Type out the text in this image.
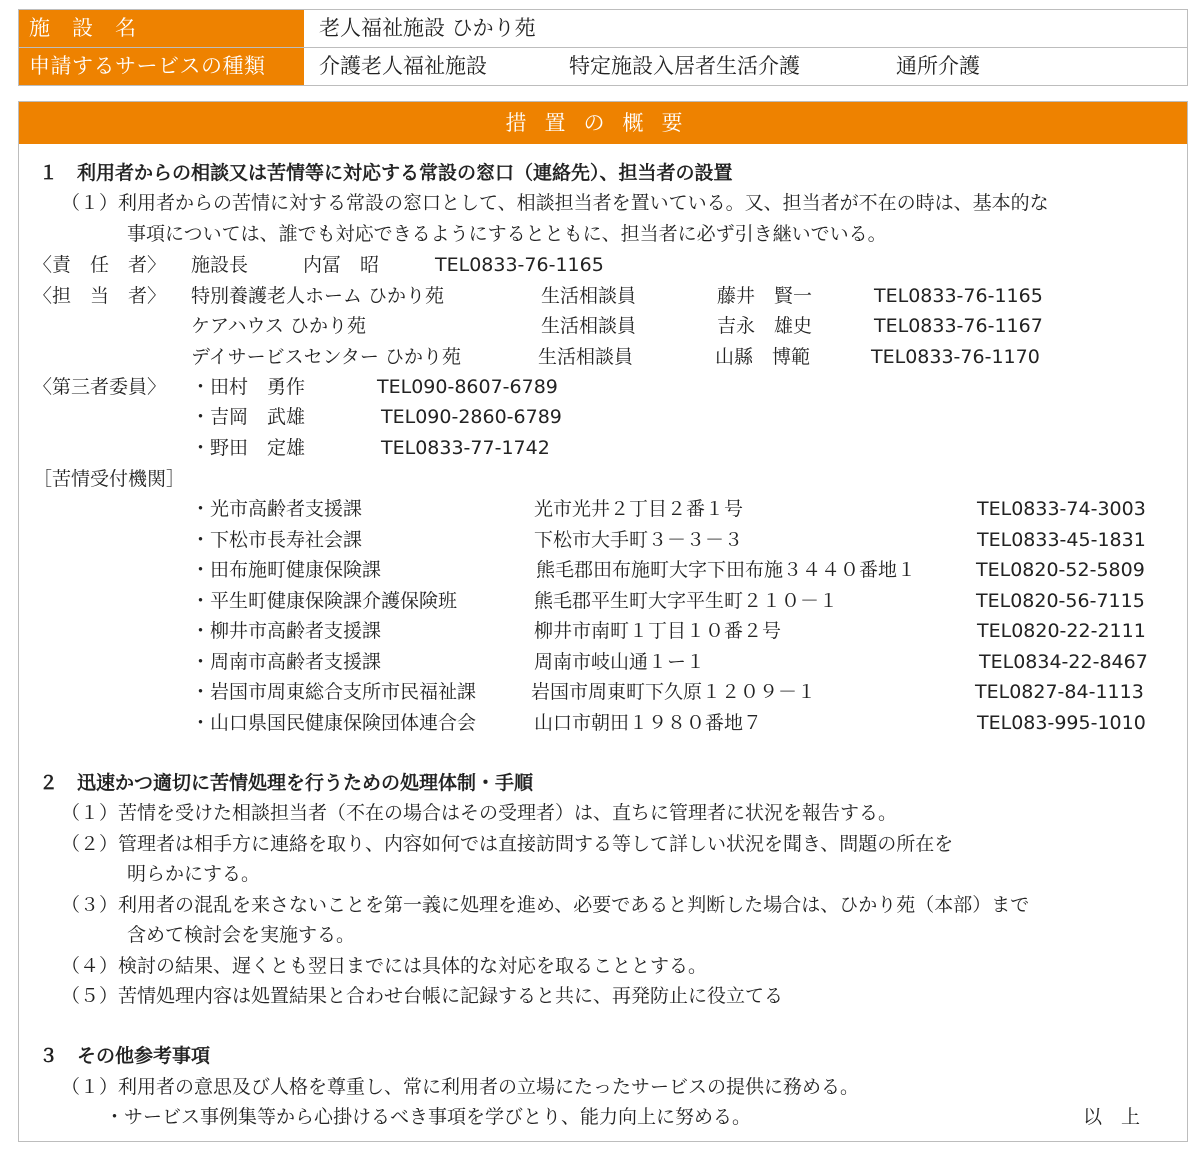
施　設　名	老人福祉施設 ひかり苑
申請するサービスの種類	介護老人福祉施設	特定施設入居者生活介護	通所介護
措置の概要
１　利用者からの相談又は苦情等に対応する常設の窓口（連絡先）、担当者の設置
（１）利用者からの苦情に対する常設の窓口として、相談担当者を置いている。又、担当者が不在の時は、基本的な
事項については、誰でも対応できるようにするとともに、担当者に必ず引き継いでいる。
〈責　任　者〉 施設長	内冨　昭	TEL0833-76-1165
〈担　当　者〉 特別養護老人ホーム ひかり苑	生活相談員	藤井　賢一	TEL0833-76-1165
ケアハウス ひかり苑	生活相談員	吉永　雄史	TEL0833-76-1167
デイサービスセンター ひかり苑	生活相談員	山縣　博範	TEL0833-76-1170
〈第三者委員〉 ・田村　勇作	TEL090-8607-6789
・吉岡　武雄	TEL090-2860-6789
・野田　定雄	TEL0833-77-1742
［苦情受付機関］
・光市高齢者支援課	光市光井２丁目２番１号	TEL0833-74-3003
・下松市長寿社会課	下松市大手町３－３－３	TEL0833-45-1831
・田布施町健康保険課	熊毛郡田布施町大字下田布施３４４０番地１	TEL0820-52-5809
・平生町健康保険課介護保険班	熊毛郡平生町大字平生町２１０－１	TEL0820-56-7115
・柳井市高齢者支援課	柳井市南町１丁目１０番２号	TEL0820-22-2111
・周南市高齢者支援課	周南市岐山通１ー１	TEL0834-22-8467
・岩国市周東総合支所市民福祉課	岩国市周東町下久原１２０９－１	TEL0827-84-1113
・山口県国民健康保険団体連合会	山口市朝田１９８０番地７	TEL083-995-1010
２　迅速かつ適切に苦情処理を行うための処理体制・手順
（１）苦情を受けた相談担当者（不在の場合はその受理者）は、直ちに管理者に状況を報告する。
（２）管理者は相手方に連絡を取り、内容如何では直接訪問する等して詳しい状況を聞き、問題の所在を
明らかにする。
（３）利用者の混乱を来さないことを第一義に処理を進め、必要であると判断した場合は、ひかり苑（本部）まで
含めて検討会を実施する。
（４）検討の結果、遅くとも翌日までには具体的な対応を取ることとする。
（５）苦情処理内容は処置結果と合わせ台帳に記録すると共に、再発防止に役立てる
３　その他参考事項
（１）利用者の意思及び人格を尊重し、常に利用者の立場にたったサービスの提供に務める。
・サービス事例集等から心掛けるべき事項を学びとり、能力向上に努める。	以　上
